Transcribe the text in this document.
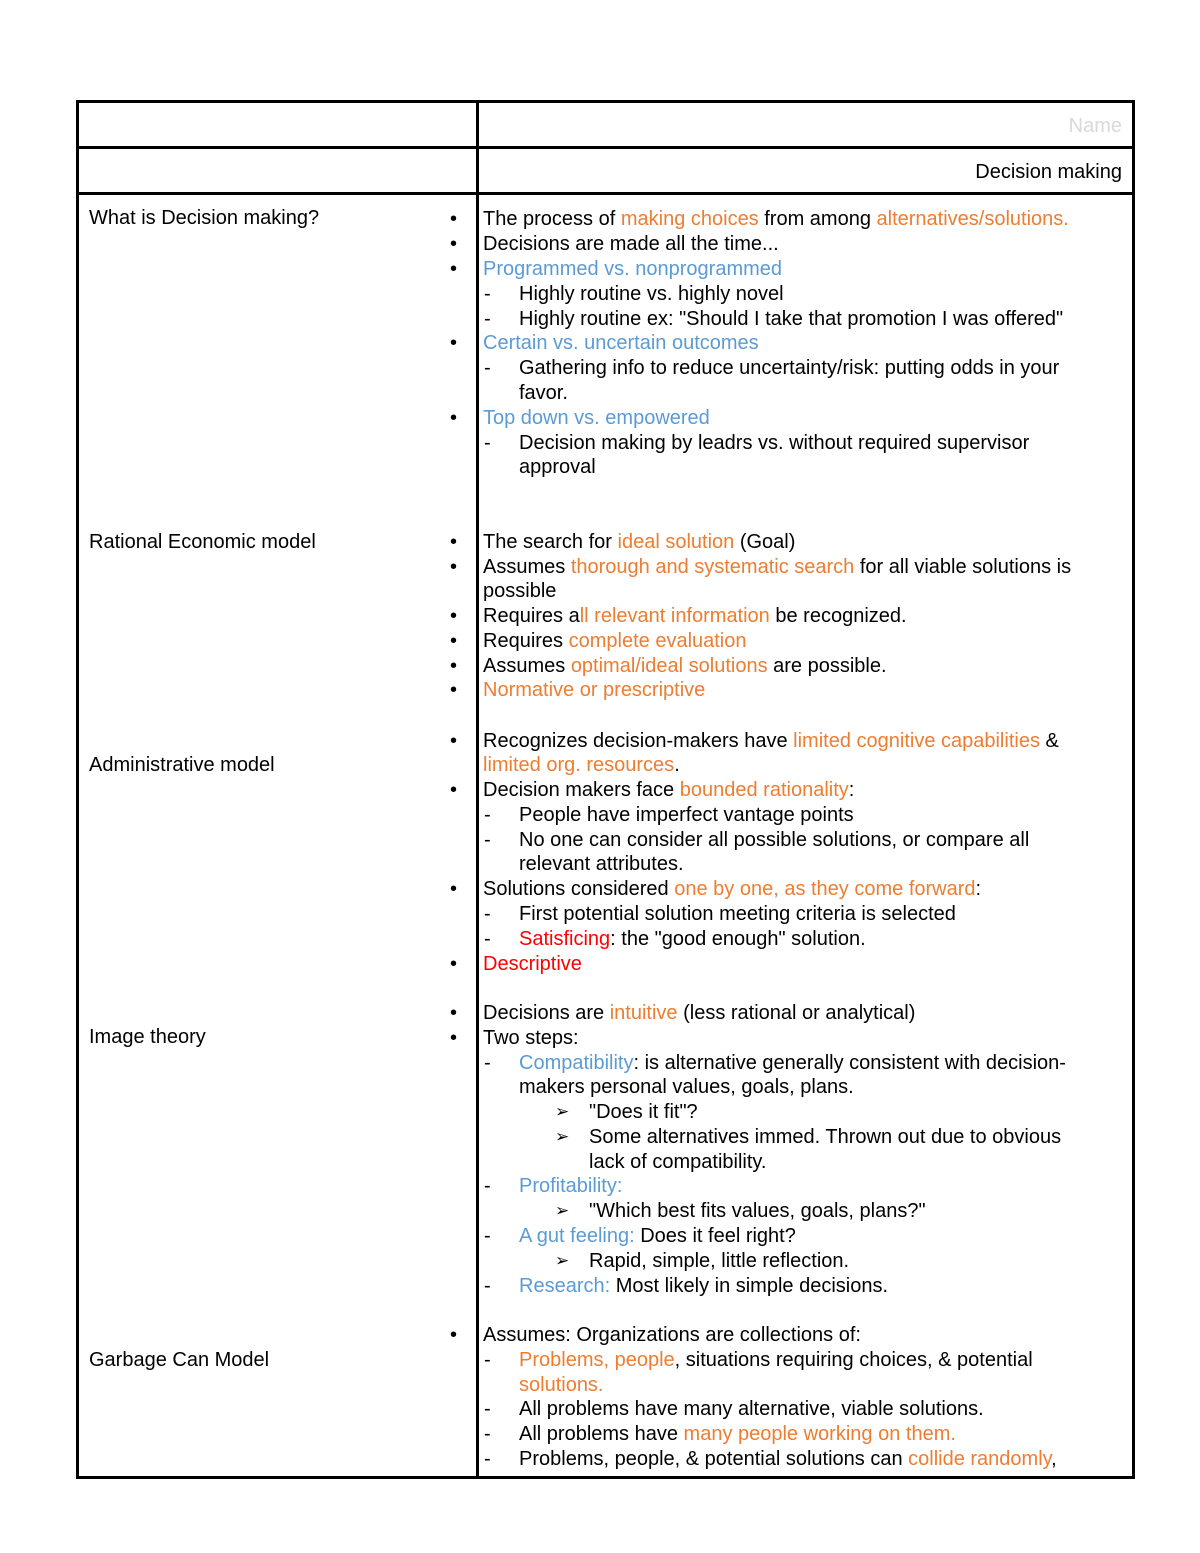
Name
Decision making
What is Decision making?
Rational Economic model
Administrative model
Image theory
Garbage Can Model
• The process of making choices from among alternatives/solutions.
• Decisions are made all the time...
• Programmed vs. nonprogrammed
- Highly routine vs. highly novel
- Highly routine ex: "Should I take that promotion I was offered"
• Certain vs. uncertain outcomes
- Gathering info to reduce uncertainty/risk: putting odds in your
favor.
• Top down vs. empowered
- Decision making by leadrs vs. without required supervisor
approval
• The search for ideal solution (Goal)
• Assumes thorough and systematic search for all viable solutions is
possible
• Requires all relevant information be recognized.
• Requires complete evaluation
• Assumes optimal/ideal solutions are possible.
• Normative or prescriptive
• Recognizes decision-makers have limited cognitive capabilities &
limited org. resources.
• Decision makers face bounded rationality:
- People have imperfect vantage points
- No one can consider all possible solutions, or compare all
relevant attributes.
• Solutions considered one by one, as they come forward:
- First potential solution meeting criteria is selected
- Satisficing: the "good enough" solution.
• Descriptive
• Decisions are intuitive (less rational or analytical)
• Two steps:
- Compatibility: is alternative generally consistent with decision-
makers personal values, goals, plans.
➢ "Does it fit"?
➢ Some alternatives immed. Thrown out due to obvious
lack of compatibility.
- Profitability:
➢ "Which best fits values, goals, plans?"
- A gut feeling: Does it feel right?
➢ Rapid, simple, little reflection.
- Research: Most likely in simple decisions.
• Assumes: Organizations are collections of:
- Problems, people, situations requiring choices, & potential
solutions.
- All problems have many alternative, viable solutions.
- All problems have many people working on them.
- Problems, people, & potential solutions can collide randomly,
